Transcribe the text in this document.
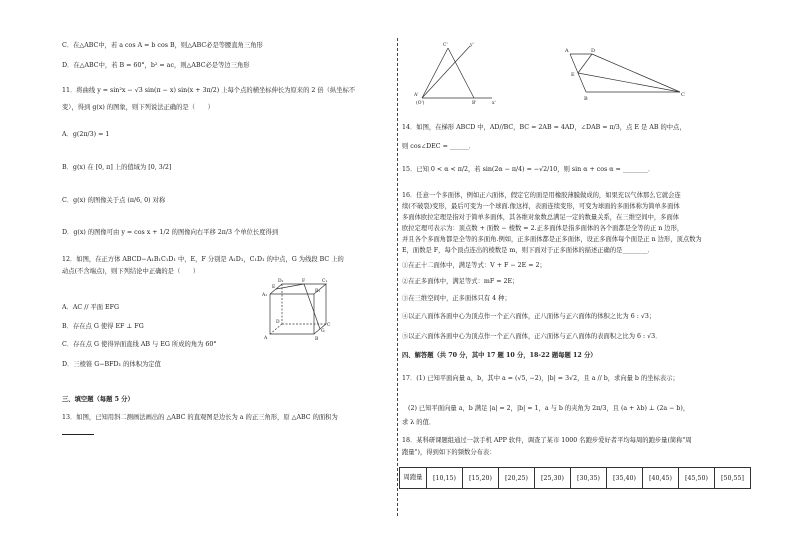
C．在△ABC中，若 a cos A = b cos B，则△ABC必是等腰直角三角形
D．在△ABC中，若 B = 60°，b² = ac，则△ABC必是等边三角形
11．将曲线 y = sin²x − √3 sin(π − x) sin(x + 3π/2) 上每个点的横坐标伸长为原来的 2 倍（纵坐标不
变），得到 g(x) 的图象，则下列说法正确的是（　　）
A．g(2π/3) = 1
B．g(x) 在 [0, π] 上的值域为 [0, 3/2]
C．g(x) 的图像关于点 (π/6, 0) 对称
D．g(x) 的图像可由 y = cos x + 1/2 的图像向右平移 2π/3 个单位长度得到
12．如图，在正方体 ABCD−A₁B₁C₁D₁ 中，E，F 分别是 A₁D₁，C₁D₁ 的中点，G 为线段 BC 上的
动点(不含端点)，则下列结论中正确的是（　　）
A．AC // 平面 EFG
B．存在点 G 使得 EF ⊥ FG
C．存在点 G 使得异面直线 AB 与 EG 所成的角为 60°
D．三棱锥 G−BFD₁ 的体积为定值
A₁
E
D₁	F	C₁
B₁
D
C
G
A	B
三、填空题（每题 5 分）
13．如图，已知用斜二测画法画出的 △ABC 的直观图是边长为 a 的正三角形，原 △ABC 的面积为

C'	y'
A'
(O')	B'	x'
A	D
E
B
C
14．如图，在梯形 ABCD 中，AD//BC，BC = 2AB = 4AD，∠DAB = π/3，点 E 是 AB 的中点，
则 cos∠DEC = ______．
15．已知 0 < α < π/2，若 sin(2α − π/4) = −√2/10，则 sin α + cos α = ________．
16．任意一个多面体，例如正六面体，假定它的面是用橡胶薄膜做成的，如果充以气体那么它就会连
续(不破裂)变形，最后可变为一个球面.像这样，表面连续变形，可变为球面的多面体称为简单多面体
多面体欧拉定理是指对于简单多面体，其各维对象数总满足一定的数量关系，在三维空间中，多面体
欧拉定理可表示为：顶点数 + 面数 − 棱数 = 2.正多面体是指多面体的各个面都是全等的正 n 边形，
并且各个多面角都是全等的多面角.例如，正多面体都是正多面体，设正多面体每个面是正 n 边形，顶点数为
E，面数是 F，每个顶点连出的棱数是 m，则下面对于正多面体的描述正确的是________．
①在正十二面体中，满足等式：V + F − 2E = 2；
②在正多面体中，满足等式：mF = 2E；
③在三维空间中，正多面体只有 4 种；
④以正八面体各面中心为顶点作一个正六面体，正八面体与正六面体的体积之比为 6 : √3；
⑤以正六面体各面中心为顶点作一个正八面体，正六面体与正八面体的表面积之比为 6 : √3．
四、解答题（共 70 分，其中 17 题 10 分，18-22 题每题 12 分）
17．(1) 已知平面向量 a，b，其中 a = (√5, −2)，|b| = 3√2，且 a // b，求向量 b 的坐标表示；
(2) 已知平面向量 a，b 满足 |a| = 2，|b| = 1，a 与 b 的夹角为 2π/3，且 (a + λb) ⊥ (2a − b)，
求 λ 的值．
18．某科研课题组通过一款手机 APP 软件，调查了某市 1000 名跑步爱好者平均每周的跑步量(简称"周
跑量")，得到如下的频数分布表：
周跑量	[10,15)	[15,20)	[20,25)	[25,30)	[30,35)	[35,40)	[40,45)	[45,50)	[50,55]
